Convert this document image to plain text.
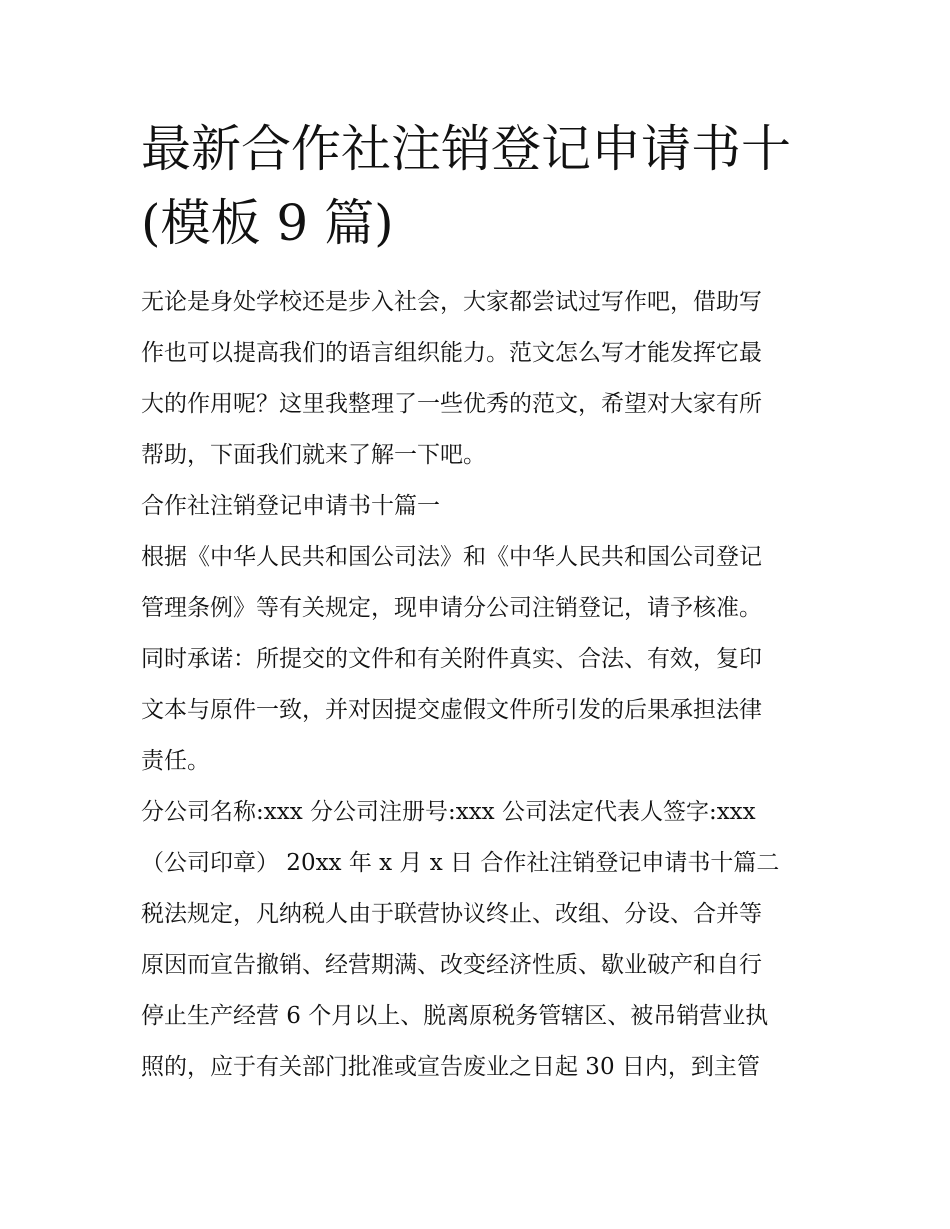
最新合作社注销登记申请书十
(模板 9 篇)
无论是身处学校还是步入社会，大家都尝试过写作吧，借助写
作也可以提高我们的语言组织能力。范文怎么写才能发挥它最
大的作用呢？这里我整理了一些优秀的范文，希望对大家有所
帮助，下面我们就来了解一下吧。
合作社注销登记申请书十篇一
根据《中华人民共和国公司法》和《中华人民共和国公司登记
管理条例》等有关规定，现申请分公司注销登记，请予核准。
同时承诺：所提交的文件和有关附件真实、合法、有效，复印
文本与原件一致，并对因提交虚假文件所引发的后果承担法律
责任。
分公司名称:xxx 分公司注册号:xxx 公司法定代表人签字:xxx
（公司印章） 20xx 年 x 月 x 日 合作社注销登记申请书十篇二
税法规定，凡纳税人由于联营协议终止、改组、分设、合并等
原因而宣告撤销、经营期满、改变经济性质、歇业破产和自行
停止生产经营 6 个月以上、脱离原税务管辖区、被吊销营业执
照的，应于有关部门批准或宣告废业之日起 30 日内，到主管
